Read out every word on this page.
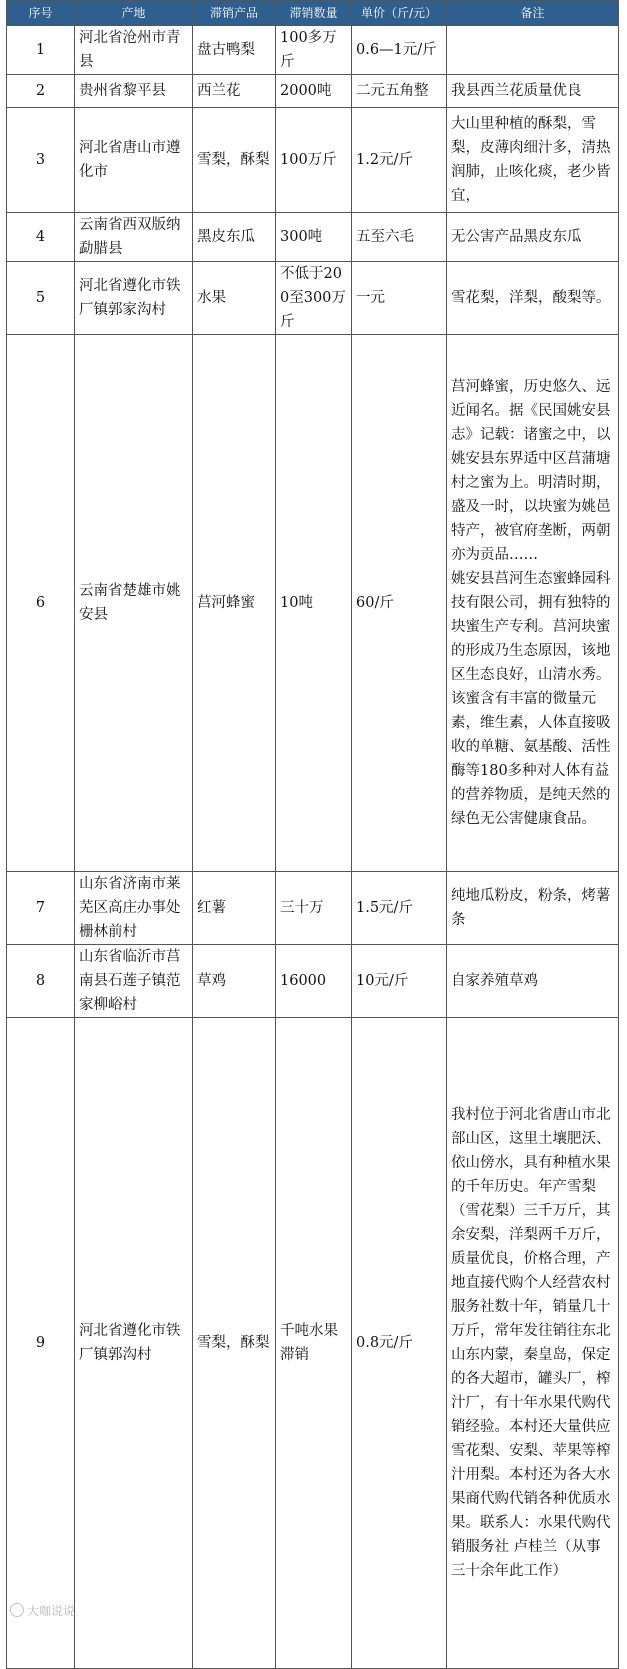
序号	产地	滞销产品	滞销数量	单价（斤/元）	备注
1	河北省沧州市青县	盘古鸭梨	100多万斤	0.6—1元/斤	
2	贵州省黎平县	西兰花	2000吨	二元五角整	我县西兰花质量优良
3	河北省唐山市遵化市	雪梨，酥梨	100万斤	1.2元/斤	大山里种植的酥梨，雪梨，皮薄肉细汁多，清热润肺，止咳化痰，老少皆宜，
4	云南省西双版纳勐腊县	黑皮东瓜	300吨	五至六毛	无公害产品黑皮东瓜
5	河北省遵化市铁厂镇郭家沟村	水果	不低于200至300万斤	一元	雪花梨，洋梨，酸梨等。
6	云南省楚雄市姚安县	莒河蜂蜜	10吨	60/斤	莒河蜂蜜，历史悠久、远近闻名。据《民国姚安县志》记载：诸蜜之中，以姚安县东界适中区莒蒲塘村之蜜为上。明清时期，盛及一时，以块蜜为姚邑特产，被官府垄断，两朝亦为贡品……
姚安县莒河生态蜜蜂园科技有限公司，拥有独特的块蜜生产专利。莒河块蜜的形成乃生态原因，该地区生态良好，山清水秀。该蜜含有丰富的微量元素，维生素，人体直接吸收的单糖、氨基酸、活性酶等180多种对人体有益的营养物质，是纯天然的绿色无公害健康食品。
7	山东省济南市莱芜区高庄办事处栅林前村	红薯	三十万	1.5元/斤	纯地瓜粉皮，粉条，烤薯条
8	山东省临沂市莒南县石莲子镇范家柳峪村	草鸡	16000	10元/斤	自家养殖草鸡
9	河北省遵化市铁厂镇郭沟村	雪梨，酥梨	千吨水果滞销	0.8元/斤	我村位于河北省唐山市北部山区，这里土壤肥沃、依山傍水，具有种植水果的千年历史。年产雪梨（雪花梨）三千万斤，其余安梨，洋梨两千万斤，质量优良，价格合理，产地直接代购个人经营农村服务社数十年，销量几十万斤，常年发往销往东北山东内蒙，秦皇岛，保定的各大超市，罐头厂，榨汁厂，有十年水果代购代销经验。本村还大量供应雪花梨、安梨、苹果等榨汁用梨。本村还为各大水果商代购代销各种优质水果。联系人：水果代购代销服务社 卢桂兰（从事三十余年此工作）
大咖说说
